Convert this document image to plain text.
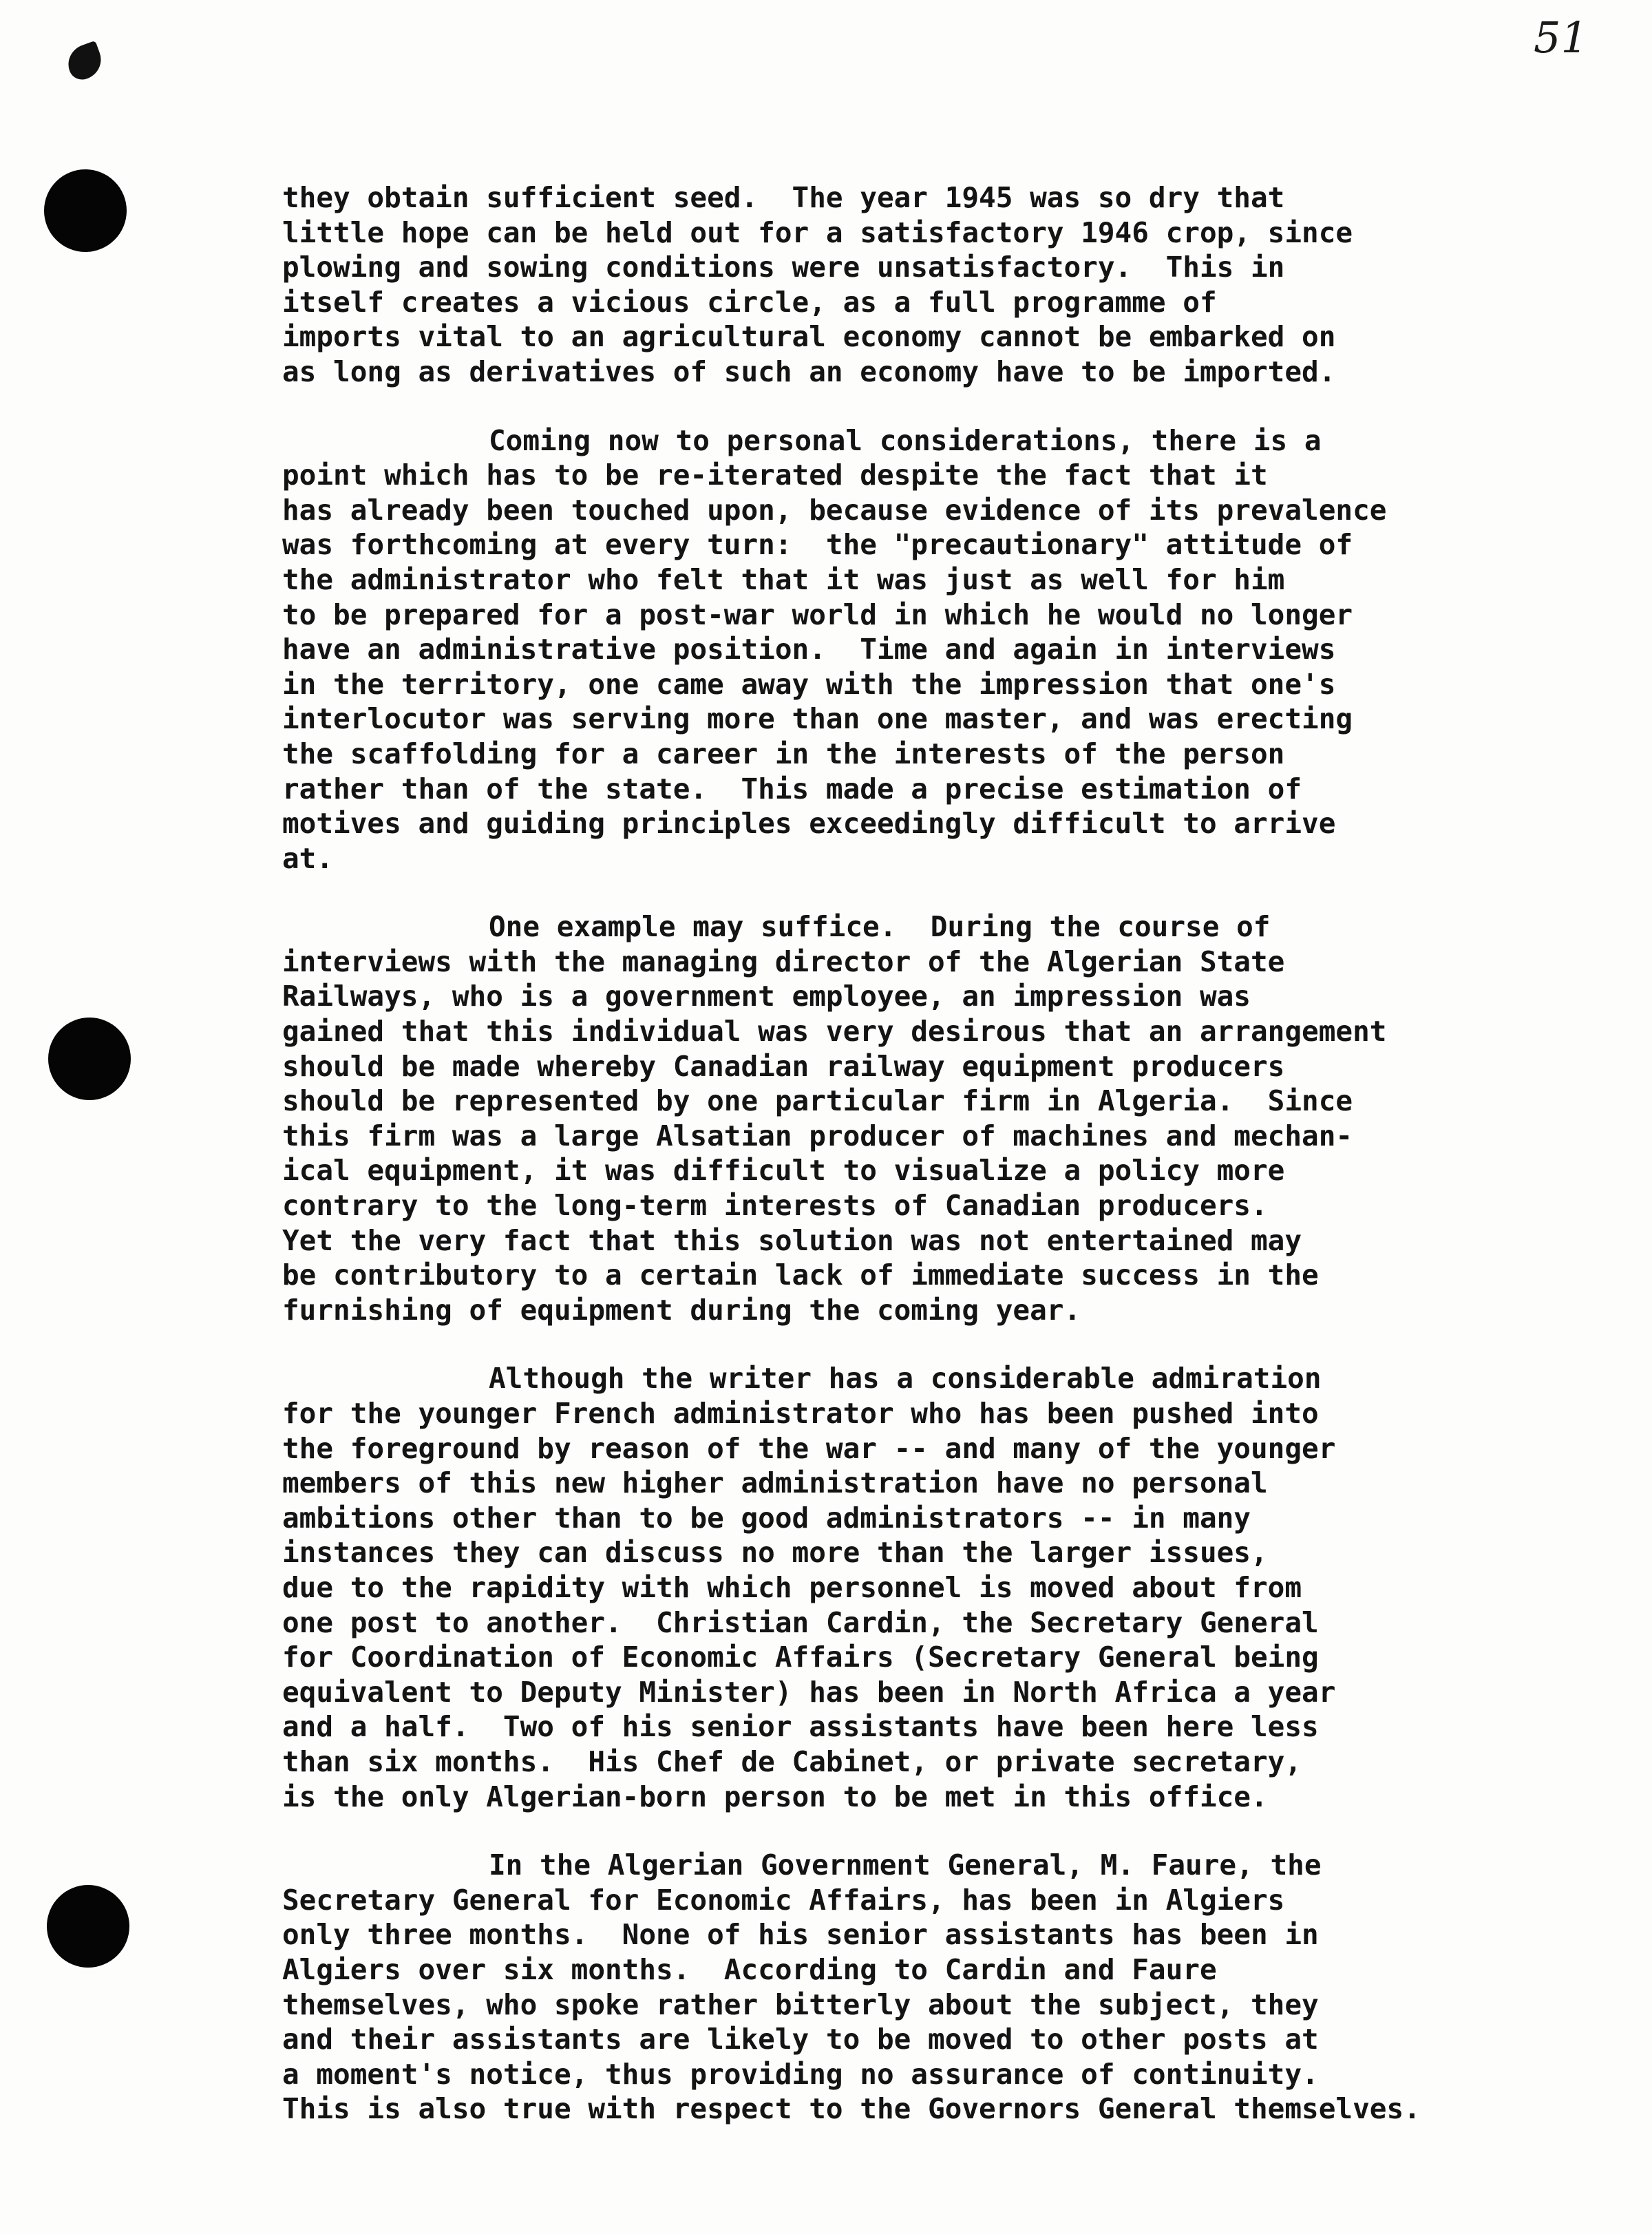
51
they obtain sufficient seed.  The year 1945 was so dry that
little hope can be held out for a satisfactory 1946 crop, since
plowing and sowing conditions were unsatisfactory.  This in
itself creates a vicious circle, as a full programme of
imports vital to an agricultural economy cannot be embarked on
as long as derivatives of such an economy have to be imported.
Coming now to personal considerations, there is a
point which has to be re-iterated despite the fact that it
has already been touched upon, because evidence of its prevalence
was forthcoming at every turn:  the "precautionary" attitude of
the administrator who felt that it was just as well for him
to be prepared for a post-war world in which he would no longer
have an administrative position.  Time and again in interviews
in the territory, one came away with the impression that one's
interlocutor was serving more than one master, and was erecting
the scaffolding for a career in the interests of the person
rather than of the state.  This made a precise estimation of
motives and guiding principles exceedingly difficult to arrive
at.
One example may suffice.  During the course of
interviews with the managing director of the Algerian State
Railways, who is a government employee, an impression was
gained that this individual was very desirous that an arrangement
should be made whereby Canadian railway equipment producers
should be represented by one particular firm in Algeria.  Since
this firm was a large Alsatian producer of machines and mechan-
ical equipment, it was difficult to visualize a policy more
contrary to the long-term interests of Canadian producers.
Yet the very fact that this solution was not entertained may
be contributory to a certain lack of immediate success in the
furnishing of equipment during the coming year.
Although the writer has a considerable admiration
for the younger French administrator who has been pushed into
the foreground by reason of the war -- and many of the younger
members of this new higher administration have no personal
ambitions other than to be good administrators -- in many
instances they can discuss no more than the larger issues,
due to the rapidity with which personnel is moved about from
one post to another.  Christian Cardin, the Secretary General
for Coordination of Economic Affairs (Secretary General being
equivalent to Deputy Minister) has been in North Africa a year
and a half.  Two of his senior assistants have been here less
than six months.  His Chef de Cabinet, or private secretary,
is the only Algerian-born person to be met in this office.
In the Algerian Government General, M. Faure, the
Secretary General for Economic Affairs, has been in Algiers
only three months.  None of his senior assistants has been in
Algiers over six months.  According to Cardin and Faure
themselves, who spoke rather bitterly about the subject, they
and their assistants are likely to be moved to other posts at
a moment's notice, thus providing no assurance of continuity.
This is also true with respect to the Governors General themselves.
